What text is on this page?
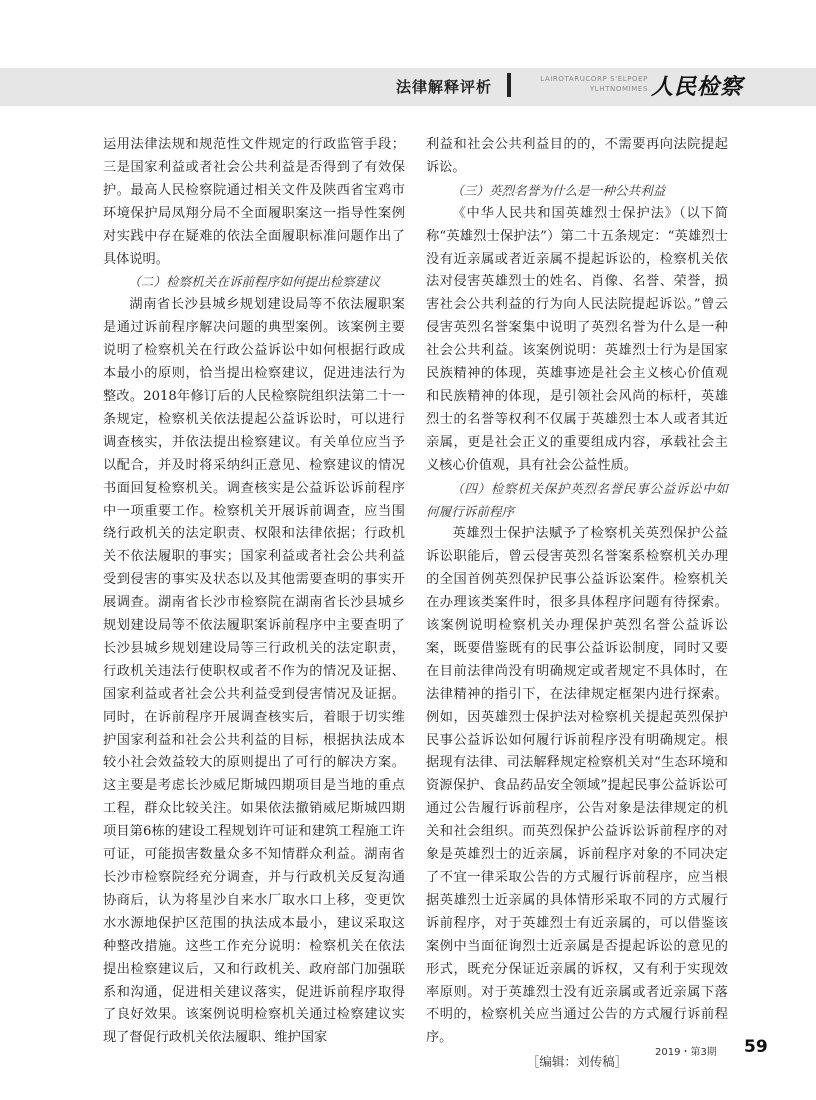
法律解释评析	LAIROTARUCORP S'ELPOEP
YLHTNOMIMES 人民检察

运用法律法规和规范性文件规定的行政监管手段；三是国家利益或者社会公共利益是否得到了有效保护。最高人民检察院通过相关文件及陕西省宝鸡市环境保护局凤翔分局不全面履职案这一指导性案例对实践中存在疑难的依法全面履职标准问题作出了具体说明。

（二）检察机关在诉前程序如何提出检察建议

湖南省长沙县城乡规划建设局等不依法履职案是通过诉前程序解决问题的典型案例。该案例主要说明了检察机关在行政公益诉讼中如何根据行政成本最小的原则，恰当提出检察建议，促进违法行为整改。2018年修订后的人民检察院组织法第二十一条规定，检察机关依法提起公益诉讼时，可以进行调查核实，并依法提出检察建议。有关单位应当予以配合，并及时将采纳纠正意见、检察建议的情况书面回复检察机关。调查核实是公益诉讼诉前程序中一项重要工作。检察机关开展诉前调查，应当围绕行政机关的法定职责、权限和法律依据；行政机关不依法履职的事实；国家利益或者社会公共利益受到侵害的事实及状态以及其他需要查明的事实开展调查。湖南省长沙市检察院在湖南省长沙县城乡规划建设局等不依法履职案诉前程序中主要查明了长沙县城乡规划建设局等三行政机关的法定职责，行政机关违法行使职权或者不作为的情况及证据、国家利益或者社会公共利益受到侵害情况及证据。同时，在诉前程序开展调查核实后，着眼于切实维护国家利益和社会公共利益的目标，根据执法成本较小社会效益较大的原则提出了可行的解决方案。这主要是考虑长沙威尼斯城四期项目是当地的重点工程，群众比较关注。如果依法撤销威尼斯城四期项目第6栋的建设工程规划许可证和建筑工程施工许可证，可能损害数量众多不知情群众利益。湖南省长沙市检察院经充分调查，并与行政机关反复沟通协商后，认为将星沙自来水厂取水口上移，变更饮水水源地保护区范围的执法成本最小，建议采取这种整改措施。这些工作充分说明：检察机关在依法提出检察建议后，又和行政机关、政府部门加强联系和沟通，促进相关建议落实，促进诉前程序取得了良好效果。该案例说明检察机关通过检察建议实现了督促行政机关依法履职、维护国家

利益和社会公共利益目的的，不需要再向法院提起诉讼。

（三）英烈名誉为什么是一种公共利益

《中华人民共和国英雄烈士保护法》（以下简称“英雄烈士保护法”）第二十五条规定：“英雄烈士没有近亲属或者近亲属不提起诉讼的，检察机关依法对侵害英雄烈士的姓名、肖像、名誉、荣誉，损害社会公共利益的行为向人民法院提起诉讼。”曾云侵害英烈名誉案集中说明了英烈名誉为什么是一种社会公共利益。该案例说明：英雄烈士行为是国家民族精神的体现，英雄事迹是社会主义核心价值观和民族精神的体现，是引领社会风尚的标杆，英雄烈士的名誉等权利不仅属于英雄烈士本人或者其近亲属，更是社会正义的重要组成内容，承载社会主义核心价值观，具有社会公益性质。

（四）检察机关保护英烈名誉民事公益诉讼中如何履行诉前程序

英雄烈士保护法赋予了检察机关英烈保护公益诉讼职能后，曾云侵害英烈名誉案系检察机关办理的全国首例英烈保护民事公益诉讼案件。检察机关在办理该类案件时，很多具体程序问题有待探索。该案例说明检察机关办理保护英烈名誉公益诉讼案，既要借鉴既有的民事公益诉讼制度，同时又要在目前法律尚没有明确规定或者规定不具体时，在法律精神的指引下，在法律规定框架内进行探索。例如，因英雄烈士保护法对检察机关提起英烈保护民事公益诉讼如何履行诉前程序没有明确规定。根据现有法律、司法解释规定检察机关对“生态环境和资源保护、食品药品安全领域”提起民事公益诉讼可通过公告履行诉前程序，公告对象是法律规定的机关和社会组织。而英烈保护公益诉讼诉前程序的对象是英雄烈士的近亲属，诉前程序对象的不同决定了不宜一律采取公告的方式履行诉前程序，应当根据英雄烈士近亲属的具体情形采取不同的方式履行诉前程序，对于英雄烈士有近亲属的，可以借鉴该案例中当面征询烈士近亲属是否提起诉讼的意见的形式，既充分保证近亲属的诉权，又有利于实现效率原则。对于英雄烈士没有近亲属或者近亲属下落不明的，检察机关应当通过公告的方式履行诉前程序。

［编辑：刘传稿］

2019・第3期 59
